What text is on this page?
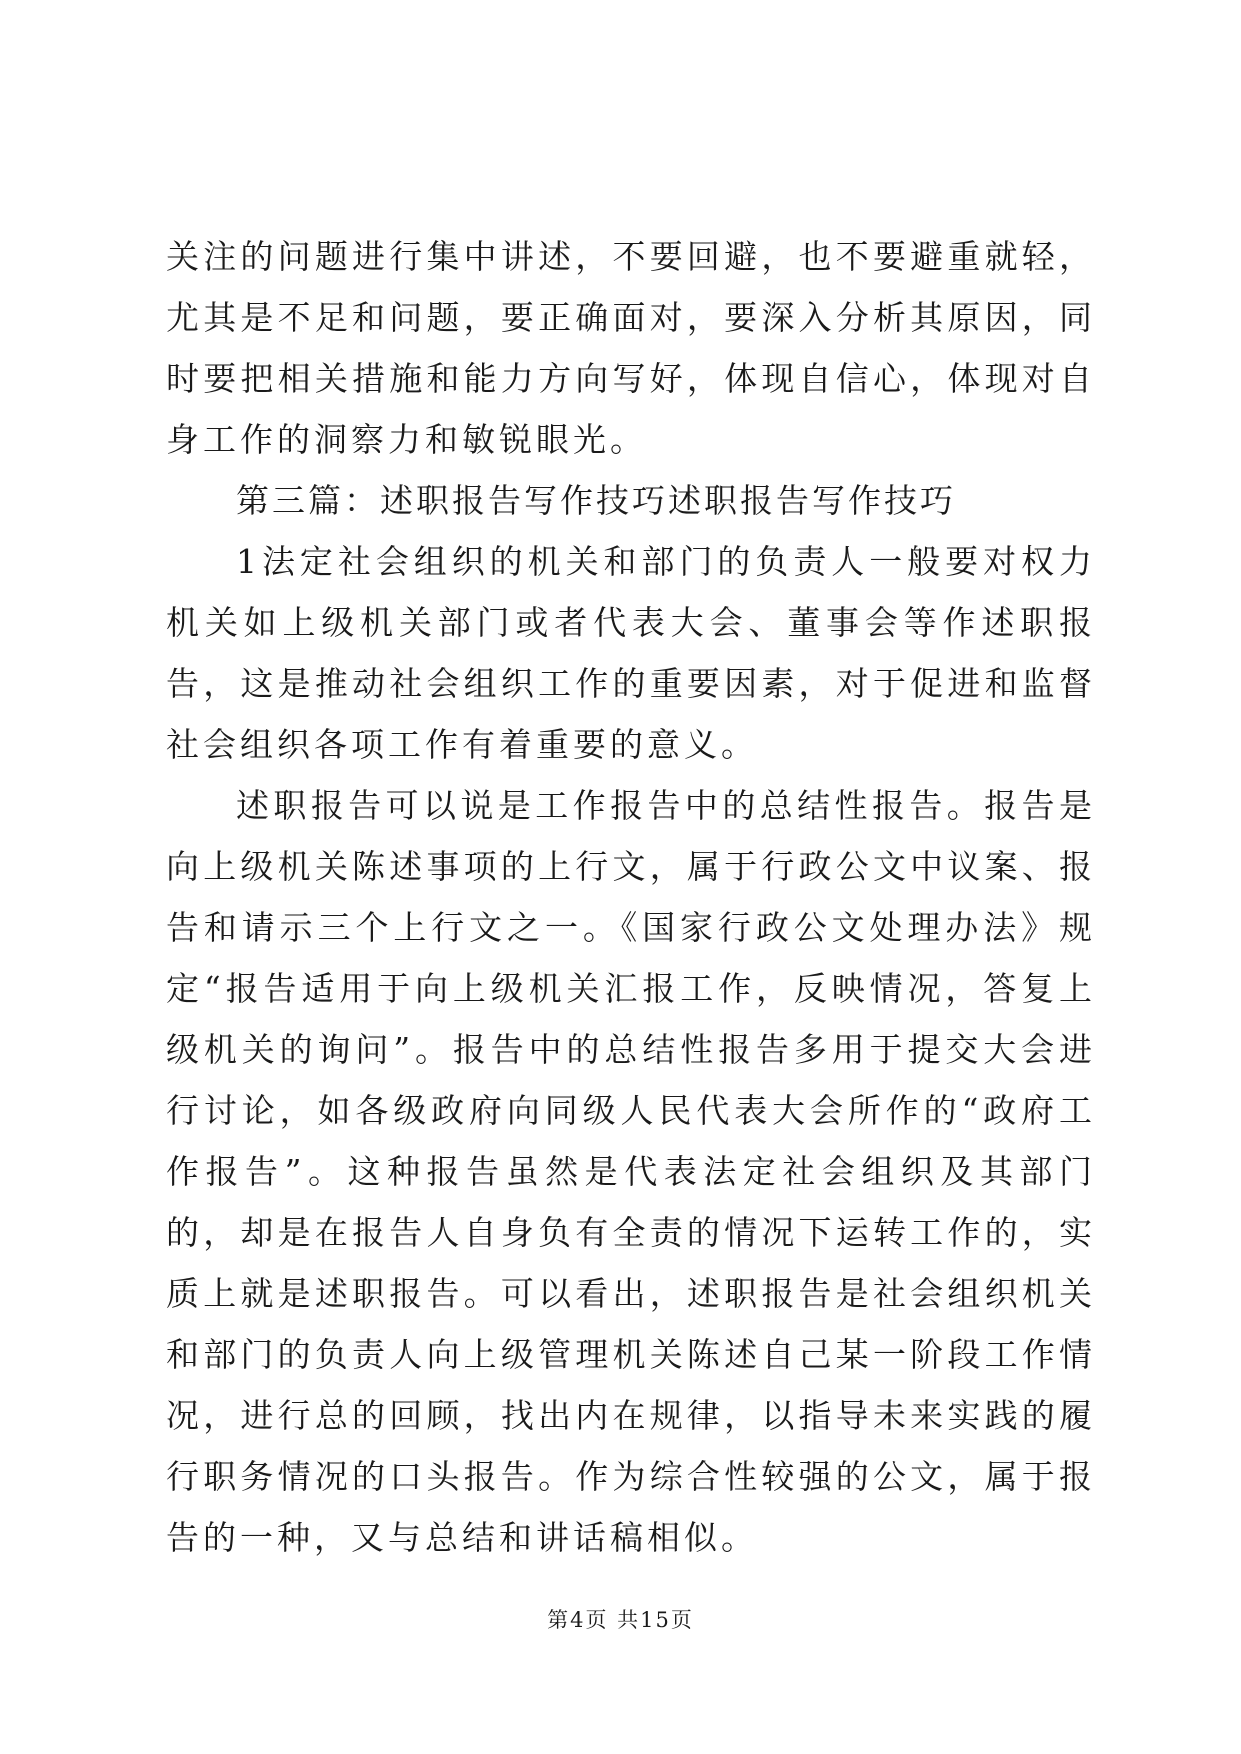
关注的问题进行集中讲述，不要回避，也不要避重就轻，尤其是不足和问题，要正确面对，要深入分析其原因，同时要把相关措施和能力方向写好，体现自信心，体现对自身工作的洞察力和敏锐眼光。

第三篇：述职报告写作技巧述职报告写作技巧

1法定社会组织的机关和部门的负责人一般要对权力机关如上级机关部门或者代表大会、董事会等作述职报告，这是推动社会组织工作的重要因素，对于促进和监督社会组织各项工作有着重要的意义。

述职报告可以说是工作报告中的总结性报告。报告是向上级机关陈述事项的上行文，属于行政公文中议案、报告和请示三个上行文之一。《国家行政公文处理办法》规定“报告适用于向上级机关汇报工作，反映情况，答复上级机关的询问”。报告中的总结性报告多用于提交大会进行讨论，如各级政府向同级人民代表大会所作的“政府工作报告”。这种报告虽然是代表法定社会组织及其部门的，却是在报告人自身负有全责的情况下运转工作的，实质上就是述职报告。可以看出，述职报告是社会组织机关和部门的负责人向上级管理机关陈述自己某一阶段工作情况，进行总的回顾，找出内在规律，以指导未来实践的履行职务情况的口头报告。作为综合性较强的公文，属于报告的一种，又与总结和讲话稿相似。

第4页 共15页
